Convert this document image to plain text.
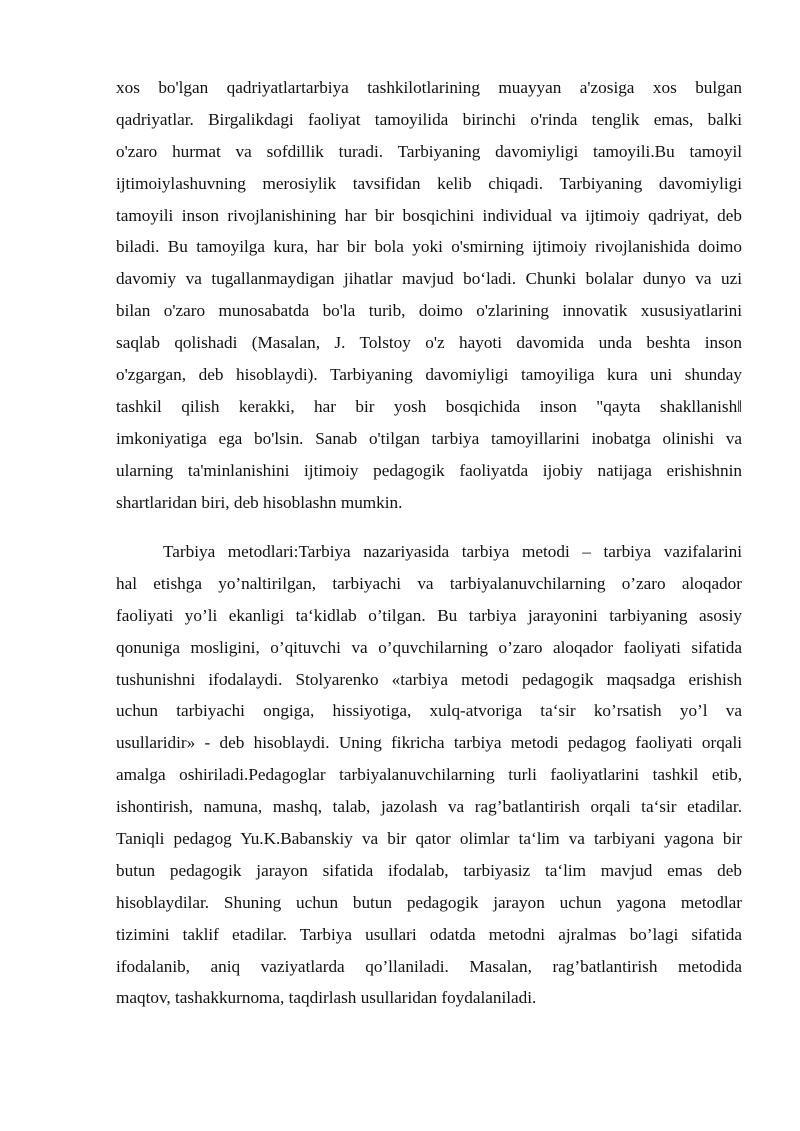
xos bo'lgan qadriyatlartarbiya tashkilotlarining muayyan a'zosiga xos bulgan
qadriyatlar. Birgalikdagi faoliyat tamoyilida birinchi o'rinda tenglik emas, balki
o'zaro hurmat va sofdillik turadi. Tarbiyaning davomiyligi tamoyili.Bu tamoyil
ijtimoiylashuvning merosiylik tavsifidan kelib chiqadi. Tarbiyaning davomiyligi
tamoyili inson rivojlanishining har bir bosqichini individual va ijtimoiy qadriyat, deb
biladi. Bu tamoyilga kura, har bir bola yoki o'smirning ijtimoiy rivojlanishida doimo
davomiy va tugallanmaydigan jihatlar mavjud bo‘ladi. Chunki bolalar dunyo va uzi
bilan o'zaro munosabatda bo'la turib, doimo o'zlarining innovatik xususiyatlarini
saqlab qolishadi (Masalan, J. Tolstoy o'z hayoti davomida unda beshta inson
o'zgargan, deb hisoblaydi). Tarbiyaning davomiyligi tamoyiliga kura uni shunday
tashkil qilish kerakki, har bir yosh bosqichida inson "qayta shakllanish‖
imkoniyatiga ega bo'lsin. Sanab o'tilgan tarbiya tamoyillarini inobatga olinishi va
ularning ta'minlanishini ijtimoiy pedagogik faoliyatda ijobiy natijaga erishishnin
shartlaridan biri, deb hisoblashn mumkin.
Tarbiya metodlari:Tarbiya nazariyasida tarbiya metodi – tarbiya vazifalarini
hal etishga yo’naltirilgan, tarbiyachi va tarbiyalanuvchilarning o’zaro aloqador
faoliyati yo’li ekanligi ta‘kidlab o’tilgan. Bu tarbiya jarayonini tarbiyaning asosiy
qonuniga mosligini, o’qituvchi va o’quvchilarning o’zaro aloqador faoliyati sifatida
tushunishni ifodalaydi. Stolyarenko «tarbiya metodi pedagogik maqsadga erishish
uchun tarbiyachi ongiga, hissiyotiga, xulq-atvoriga ta‘sir ko’rsatish yo’l va
usullaridir» - deb hisoblaydi. Uning fikricha tarbiya metodi pedagog faoliyati orqali
amalga oshiriladi.Pedagoglar tarbiyalanuvchilarning turli faoliyatlarini tashkil etib,
ishontirish, namuna, mashq, talab, jazolash va rag’batlantirish orqali ta‘sir etadilar.
Taniqli pedagog Yu.K.Babanskiy va bir qator olimlar ta‘lim va tarbiyani yagona bir
butun pedagogik jarayon sifatida ifodalab, tarbiyasiz ta‘lim mavjud emas deb
hisoblaydilar. Shuning uchun butun pedagogik jarayon uchun yagona metodlar
tizimini taklif etadilar. Tarbiya usullari odatda metodni ajralmas bo’lagi sifatida
ifodalanib, aniq vaziyatlarda qo’llaniladi. Masalan, rag’batlantirish metodida
maqtov, tashakkurnoma, taqdirlash usullaridan foydalaniladi.
